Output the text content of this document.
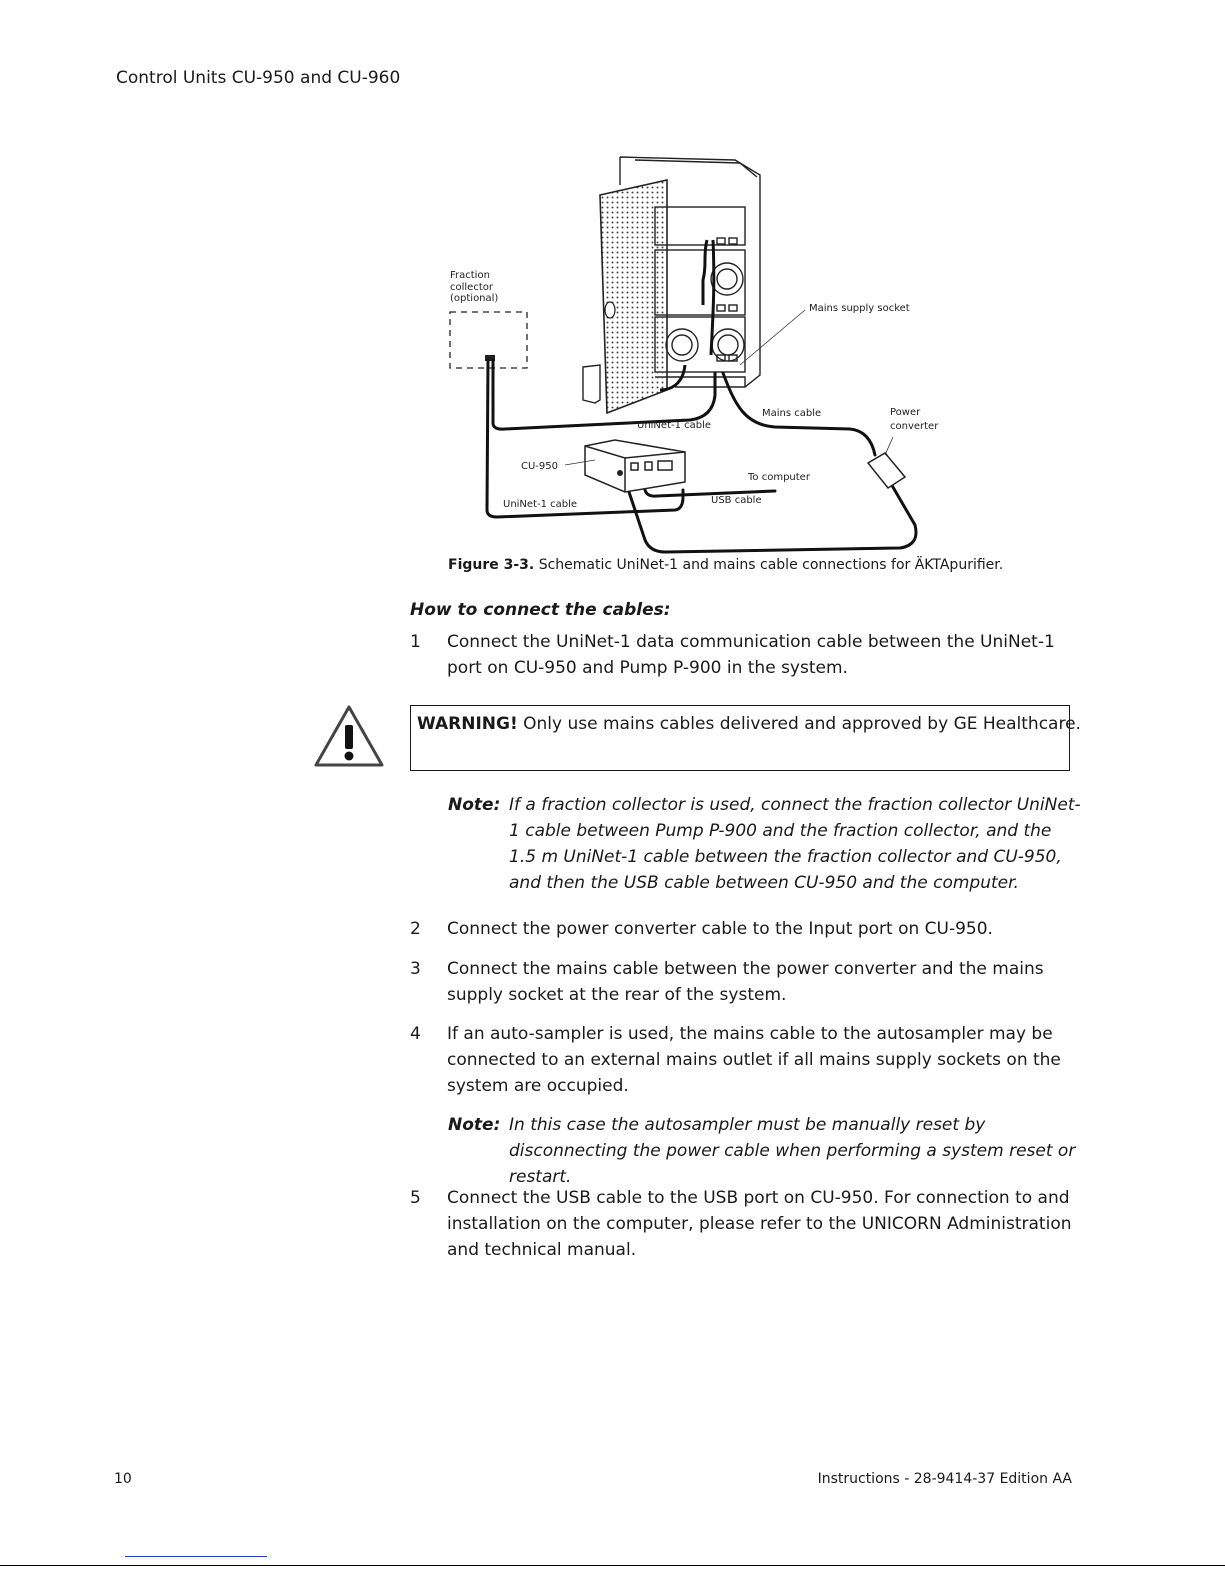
Control Units CU-950 and CU-960
Fraction
collector
(optional)
Mains supply socket
UniNet-1 cable
Mains cable	Power
converter
CU-950
To computer
USB cable
UniNet-1 cable
Figure 3-3. Schematic UniNet-1 and mains cable connections for ÄKTApurifier.
How to connect the cables:
1 Connect the UniNet-1 data communication cable between the UniNet-1 port on CU-950 and Pump P-900 in the system.
WARNING! Only use mains cables delivered and approved by GE Healthcare.
Note: If a fraction collector is used, connect the fraction collector UniNet-1 cable between Pump P-900 and the fraction collector, and the 1.5 m UniNet-1 cable between the fraction collector and CU-950, and then the USB cable between CU-950 and the computer.
2 Connect the power converter cable to the Input port on CU-950.
3 Connect the mains cable between the power converter and the mains supply socket at the rear of the system.
4 If an auto-sampler is used, the mains cable to the autosampler may be connected to an external mains outlet if all mains supply sockets on the system are occupied.
Note: In this case the autosampler must be manually reset by disconnecting the power cable when performing a system reset or restart.
5 Connect the USB cable to the USB port on CU-950. For connection to and installation on the computer, please refer to the UNICORN Administration and technical manual.
10	Instructions - 28-9414-37 Edition AA
